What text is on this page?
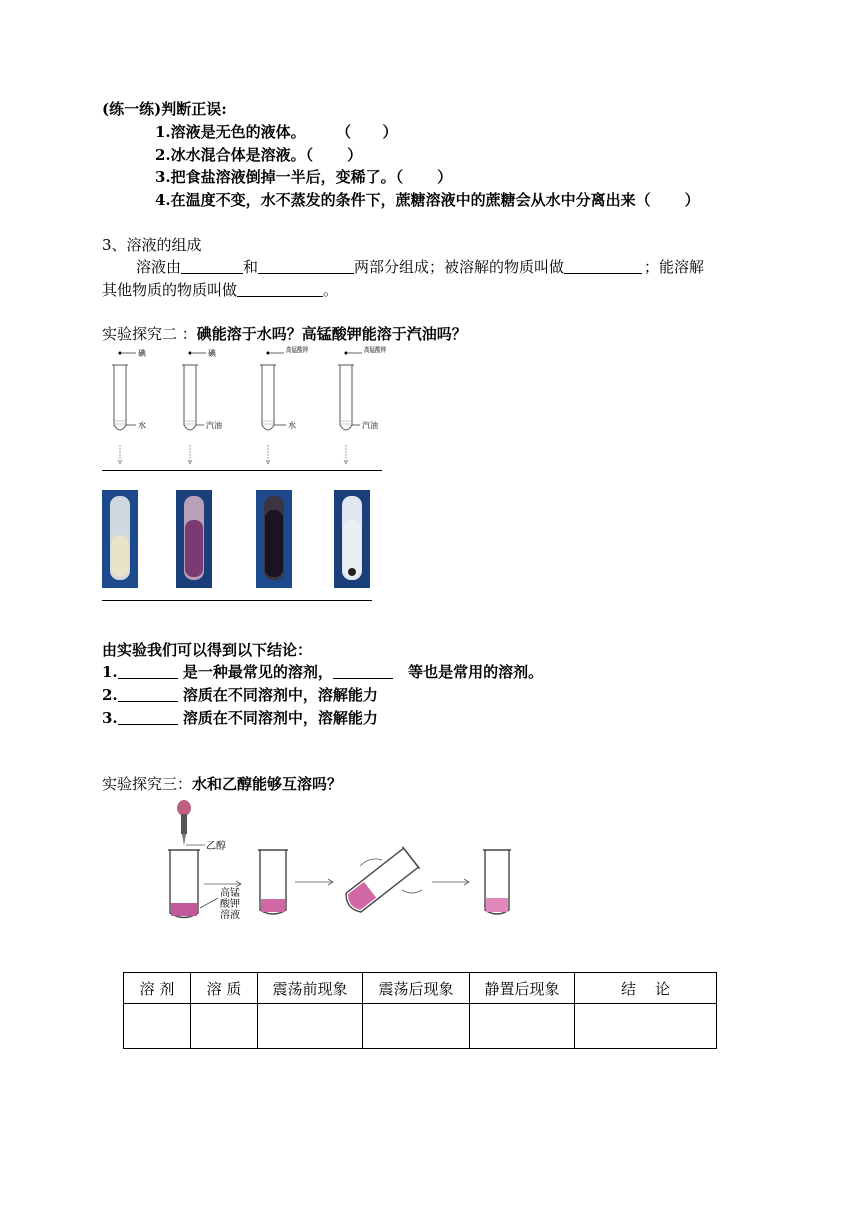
(练一练)判断正误:
1.溶液是无色的液体。 （      ）
2.冰水混合体是溶液。（ ）
3.把食盐溶液倒掉一半后，变稀了。（ ）
4.在温度不变，水不蒸发的条件下，蔗糖溶液中的蔗糖会从水中分离出来（ ）
3、溶液的组成
溶液由	和	两部分组成；被溶解的物质叫做	；能溶解
其他物质的物质叫做	。
实验探究二 ：碘能溶于水吗？高锰酸钾能溶于汽油吗？
碘
水
碘
汽油
高锰酸钾
水
高锰酸钾
汽油
由实验我们可以得到以下结论：
1.	是一种最常见的溶剂，	等也是常用的溶剂。
2.	溶质在不同溶剂中，溶解能力
3.	溶质在不同溶剂中，溶解能力
实验探究三：水和乙醇能够互溶吗？
乙醇
高锰
酸钾
溶液
溶 剂	溶 质	震荡前现象	震荡后现象	静置后现象	结    论
